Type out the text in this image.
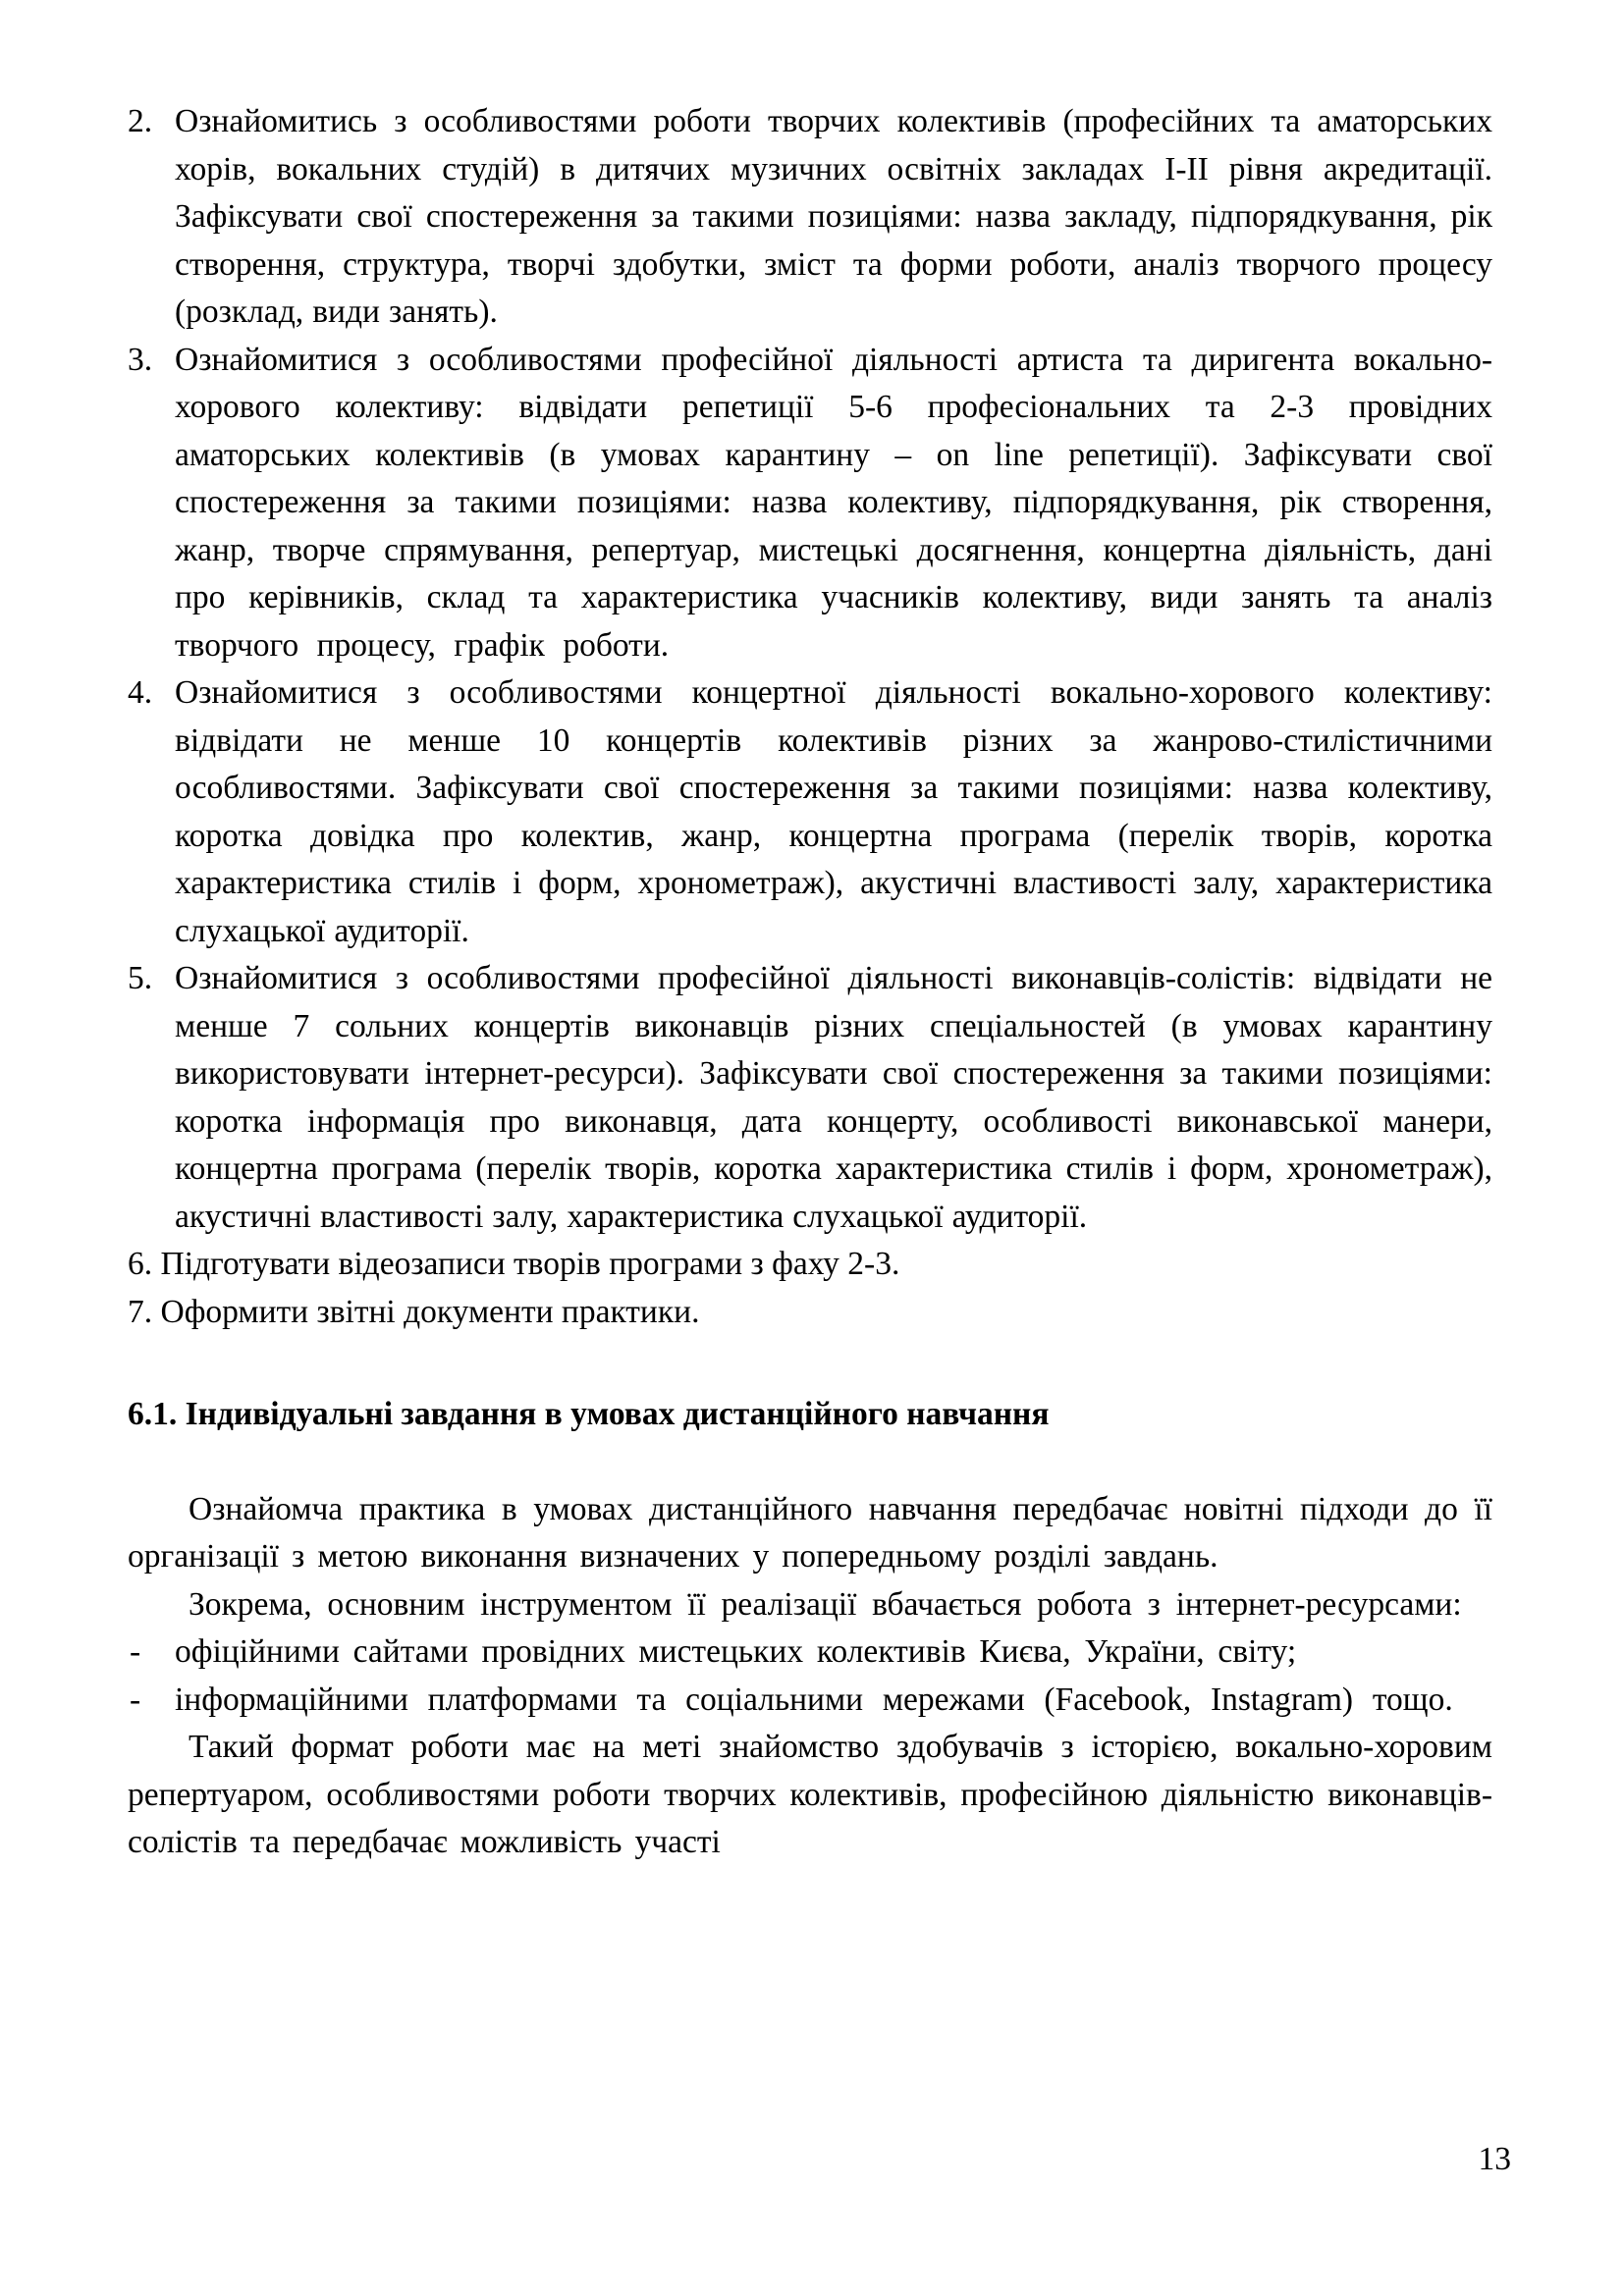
2. Ознайомитись з особливостями роботи творчих колективів (професійних та аматорських хорів, вокальних студій) в дитячих музичних освітніх закладах І-ІІ рівня акредитації. Зафіксувати свої спостереження за такими позиціями: назва закладу, підпорядкування, рік створення, структура, творчі здобутки, зміст та форми роботи, аналіз творчого процесу (розклад, види занять).
3. Ознайомитися з особливостями професійної діяльності артиста та диригента вокально-хорового колективу: відвідати репетиції 5-6 професіональних та 2-3 провідних аматорських колективів (в умовах карантину – on line репетиції). Зафіксувати свої спостереження за такими позиціями: назва колективу, підпорядкування, рік створення, жанр, творче спрямування, репертуар, мистецькі досягнення, концертна діяльність, дані про керівників, склад та характеристика учасників колективу, види занять та аналіз творчого процесу, графік роботи.
4. Ознайомитися з особливостями концертної діяльності вокально-хорового колективу: відвідати не менше 10 концертів колективів різних за жанрово-стилістичними особливостями. Зафіксувати свої спостереження за такими позиціями: назва колективу, коротка довідка про колектив, жанр, концертна програма (перелік творів, коротка характеристика стилів і форм, хронометраж), акустичні властивості залу, характеристика слухацької аудиторії.
5. Ознайомитися з особливостями професійної діяльності виконавців-солістів: відвідати не менше 7 сольних концертів виконавців різних спеціальностей (в умовах карантину використовувати інтернет-ресурси). Зафіксувати свої спостереження за такими позиціями: коротка інформація про виконавця, дата концерту, особливості виконавської манери, концертна програма (перелік творів, коротка характеристика стилів і форм, хронометраж), акустичні властивості залу, характеристика слухацької аудиторії.
6. Підготувати відеозаписи творів програми з фаху 2-3.
7. Оформити звітні документи практики.
6.1. Індивідуальні завдання в умовах дистанційного навчання

Ознайомча практика в умовах дистанційного навчання передбачає новітні підходи до її організації з метою виконання визначених у попередньому розділі завдань.

Зокрема, основним інструментом її реалізації вбачається робота з інтернет-ресурсами:

- офіційними сайтами провідних мистецьких колективів Києва, України, світу;
- інформаційними платформами та соціальними мережами (Facebook, Instagram) тощо.

Такий формат роботи має на меті знайомство здобувачів з історією, вокально-хоровим репертуаром, особливостями роботи творчих колективів, професійною діяльністю виконавців-солістів та передбачає можливість участі

13
